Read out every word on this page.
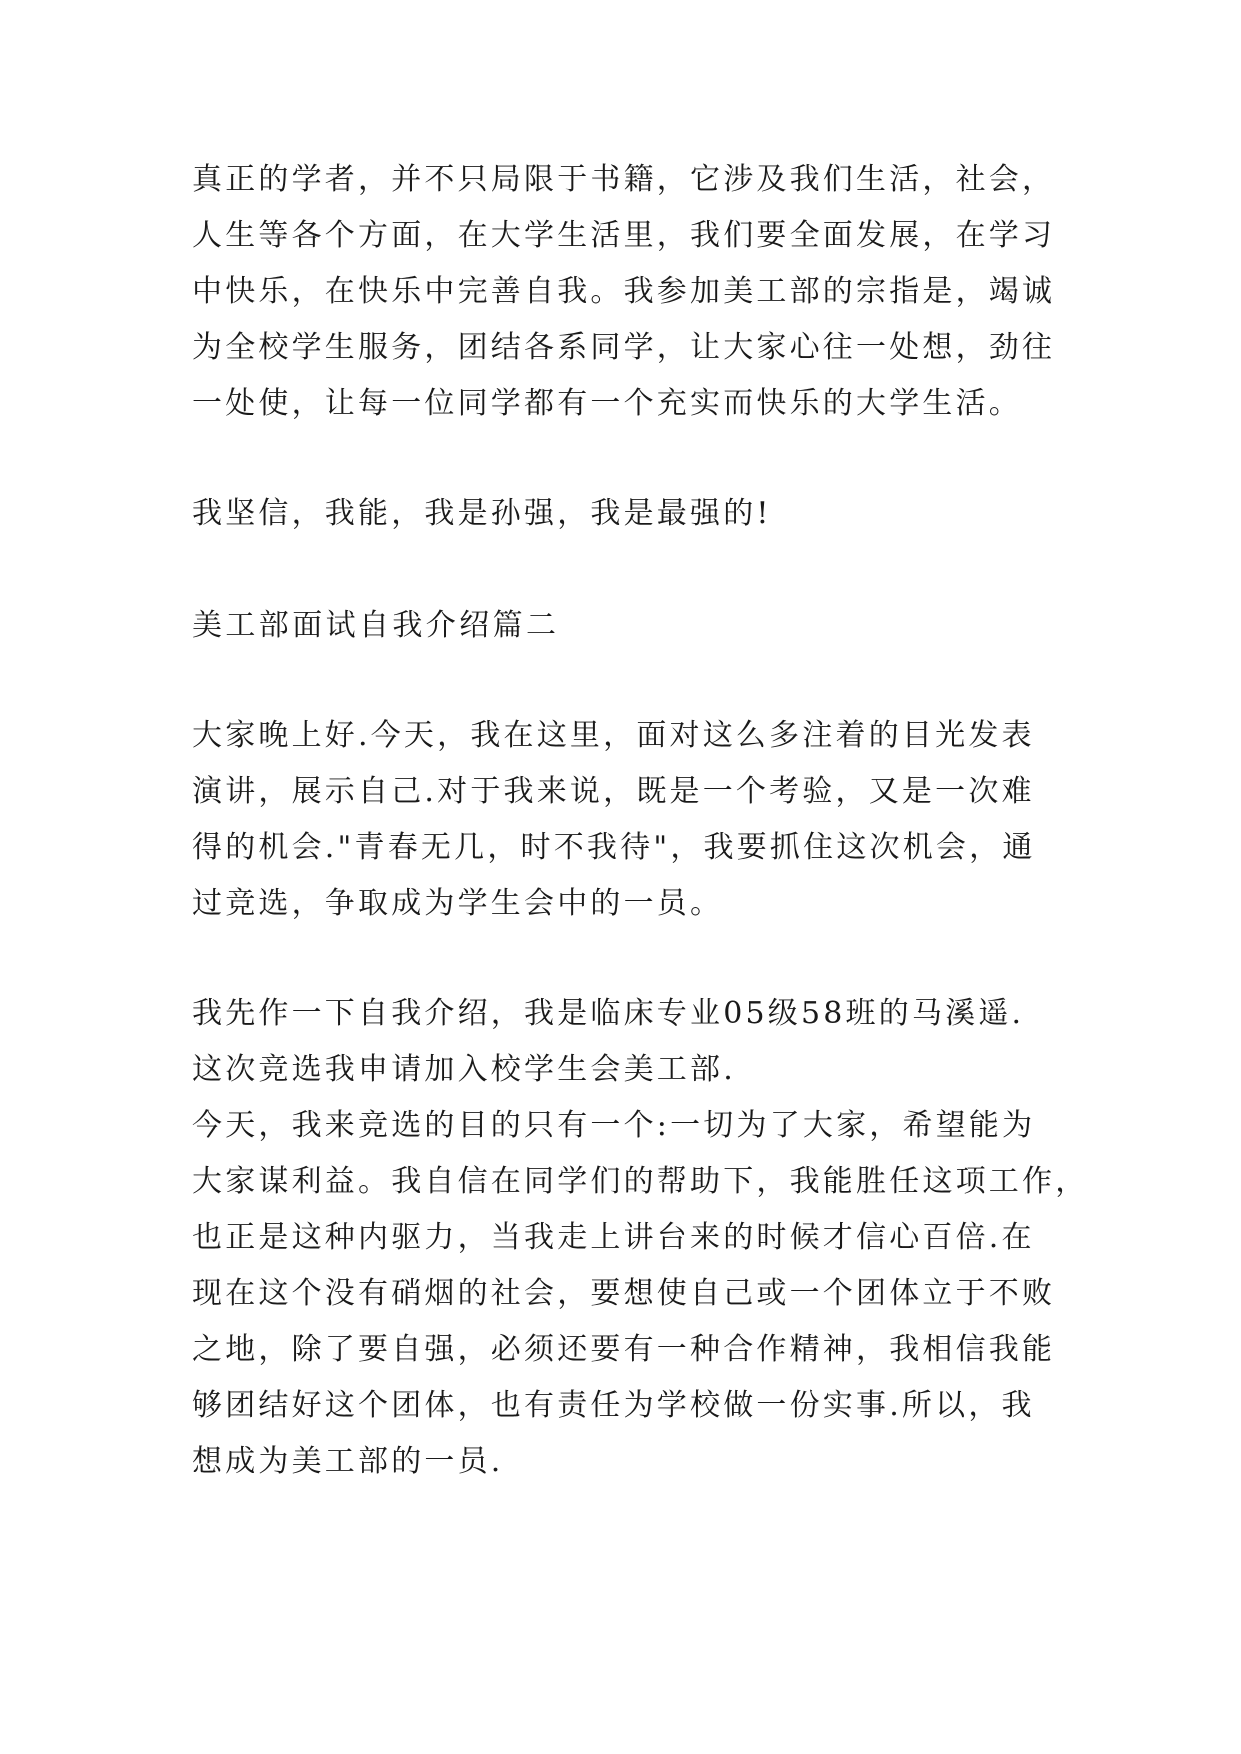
真正的学者，并不只局限于书籍，它涉及我们生活，社会，
人生等各个方面，在大学生活里，我们要全面发展，在学习
中快乐，在快乐中完善自我。我参加美工部的宗指是，竭诚
为全校学生服务，团结各系同学，让大家心往一处想，劲往
一处使，让每一位同学都有一个充实而快乐的大学生活。
我坚信，我能，我是孙强，我是最强的!
美工部面试自我介绍篇二
大家晚上好.今天，我在这里，面对这么多注着的目光发表
演讲，展示自己.对于我来说，既是一个考验，又是一次难
得的机会."青春无几，时不我待"，我要抓住这次机会，通
过竞选，争取成为学生会中的一员。
我先作一下自我介绍，我是临床专业05级58班的马溪遥.
这次竞选我申请加入校学生会美工部.
今天，我来竞选的目的只有一个:一切为了大家，希望能为
大家谋利益。我自信在同学们的帮助下，我能胜任这项工作，
也正是这种内驱力，当我走上讲台来的时候才信心百倍.在
现在这个没有硝烟的社会，要想使自己或一个团体立于不败
之地，除了要自强，必须还要有一种合作精神，我相信我能
够团结好这个团体，也有责任为学校做一份实事.所以，我
想成为美工部的一员.
